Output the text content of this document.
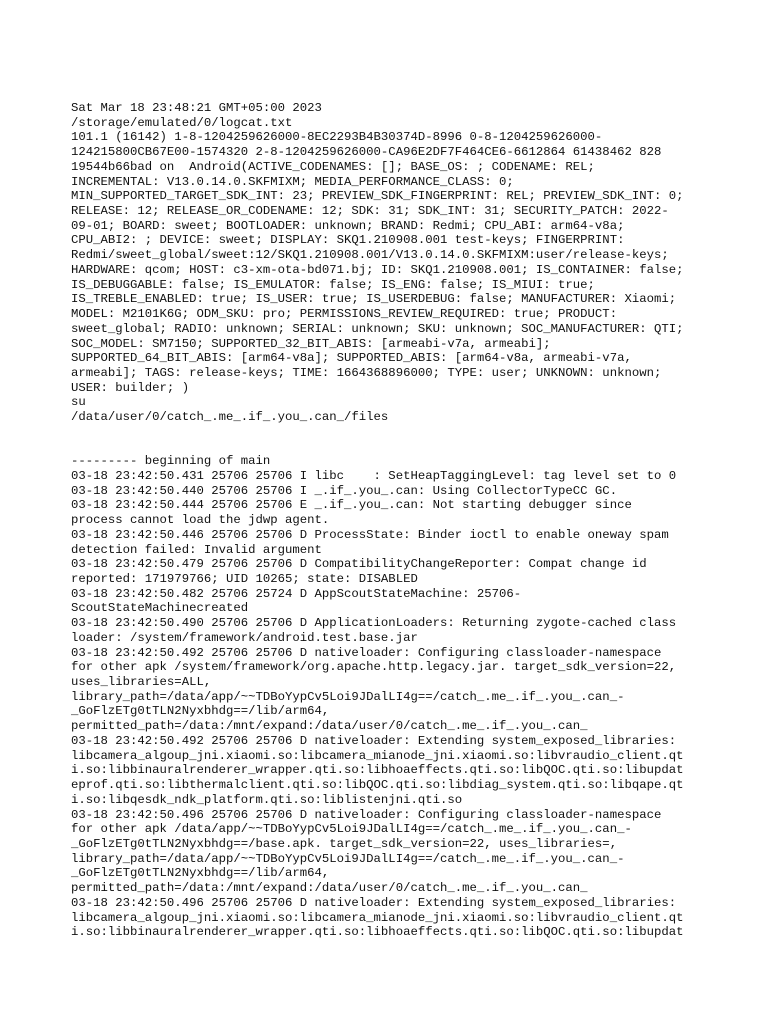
Sat Mar 18 23:48:21 GMT+05:00 2023
/storage/emulated/0/logcat.txt
101.1 (16142) 1-8-1204259626000-8EC2293B4B30374D-8996 0-8-1204259626000-
124215800CB67E00-1574320 2-8-1204259626000-CA96E2DF7F464CE6-6612864 61438462 828
19544b66bad on  Android(ACTIVE_CODENAMES: []; BASE_OS: ; CODENAME: REL;
INCREMENTAL: V13.0.14.0.SKFMIXM; MEDIA_PERFORMANCE_CLASS: 0;
MIN_SUPPORTED_TARGET_SDK_INT: 23; PREVIEW_SDK_FINGERPRINT: REL; PREVIEW_SDK_INT: 0;
RELEASE: 12; RELEASE_OR_CODENAME: 12; SDK: 31; SDK_INT: 31; SECURITY_PATCH: 2022-
09-01; BOARD: sweet; BOOTLOADER: unknown; BRAND: Redmi; CPU_ABI: arm64-v8a;
CPU_ABI2: ; DEVICE: sweet; DISPLAY: SKQ1.210908.001 test-keys; FINGERPRINT:
Redmi/sweet_global/sweet:12/SKQ1.210908.001/V13.0.14.0.SKFMIXM:user/release-keys;
HARDWARE: qcom; HOST: c3-xm-ota-bd071.bj; ID: SKQ1.210908.001; IS_CONTAINER: false;
IS_DEBUGGABLE: false; IS_EMULATOR: false; IS_ENG: false; IS_MIUI: true;
IS_TREBLE_ENABLED: true; IS_USER: true; IS_USERDEBUG: false; MANUFACTURER: Xiaomi;
MODEL: M2101K6G; ODM_SKU: pro; PERMISSIONS_REVIEW_REQUIRED: true; PRODUCT:
sweet_global; RADIO: unknown; SERIAL: unknown; SKU: unknown; SOC_MANUFACTURER: QTI;
SOC_MODEL: SM7150; SUPPORTED_32_BIT_ABIS: [armeabi-v7a, armeabi];
SUPPORTED_64_BIT_ABIS: [arm64-v8a]; SUPPORTED_ABIS: [arm64-v8a, armeabi-v7a,
armeabi]; TAGS: release-keys; TIME: 1664368896000; TYPE: user; UNKNOWN: unknown;
USER: builder; )
su
/data/user/0/catch_.me_.if_.you_.can_/files
--------- beginning of main
03-18 23:42:50.431 25706 25706 I libc    : SetHeapTaggingLevel: tag level set to 0
03-18 23:42:50.440 25706 25706 I _.if_.you_.can: Using CollectorTypeCC GC.
03-18 23:42:50.444 25706 25706 E _.if_.you_.can: Not starting debugger since
process cannot load the jdwp agent.
03-18 23:42:50.446 25706 25706 D ProcessState: Binder ioctl to enable oneway spam
detection failed: Invalid argument
03-18 23:42:50.479 25706 25706 D CompatibilityChangeReporter: Compat change id
reported: 171979766; UID 10265; state: DISABLED
03-18 23:42:50.482 25706 25724 D AppScoutStateMachine: 25706-
ScoutStateMachinecreated
03-18 23:42:50.490 25706 25706 D ApplicationLoaders: Returning zygote-cached class
loader: /system/framework/android.test.base.jar
03-18 23:42:50.492 25706 25706 D nativeloader: Configuring classloader-namespace
for other apk /system/framework/org.apache.http.legacy.jar. target_sdk_version=22,
uses_libraries=ALL,
library_path=/data/app/~~TDBoYypCv5Loi9JDalLI4g==/catch_.me_.if_.you_.can_-
_GoFlzETg0tTLN2Nyxbhdg==/lib/arm64,
permitted_path=/data:/mnt/expand:/data/user/0/catch_.me_.if_.you_.can_
03-18 23:42:50.492 25706 25706 D nativeloader: Extending system_exposed_libraries:
libcamera_algoup_jni.xiaomi.so:libcamera_mianode_jni.xiaomi.so:libvraudio_client.qt
i.so:libbinauralrenderer_wrapper.qti.so:libhoaeffects.qti.so:libQOC.qti.so:libupdat
eprof.qti.so:libthermalclient.qti.so:libQOC.qti.so:libdiag_system.qti.so:libqape.qt
i.so:libqesdk_ndk_platform.qti.so:liblistenjni.qti.so
03-18 23:42:50.496 25706 25706 D nativeloader: Configuring classloader-namespace
for other apk /data/app/~~TDBoYypCv5Loi9JDalLI4g==/catch_.me_.if_.you_.can_-
_GoFlzETg0tTLN2Nyxbhdg==/base.apk. target_sdk_version=22, uses_libraries=,
library_path=/data/app/~~TDBoYypCv5Loi9JDalLI4g==/catch_.me_.if_.you_.can_-
_GoFlzETg0tTLN2Nyxbhdg==/lib/arm64,
permitted_path=/data:/mnt/expand:/data/user/0/catch_.me_.if_.you_.can_
03-18 23:42:50.496 25706 25706 D nativeloader: Extending system_exposed_libraries:
libcamera_algoup_jni.xiaomi.so:libcamera_mianode_jni.xiaomi.so:libvraudio_client.qt
i.so:libbinauralrenderer_wrapper.qti.so:libhoaeffects.qti.so:libQOC.qti.so:libupdat
